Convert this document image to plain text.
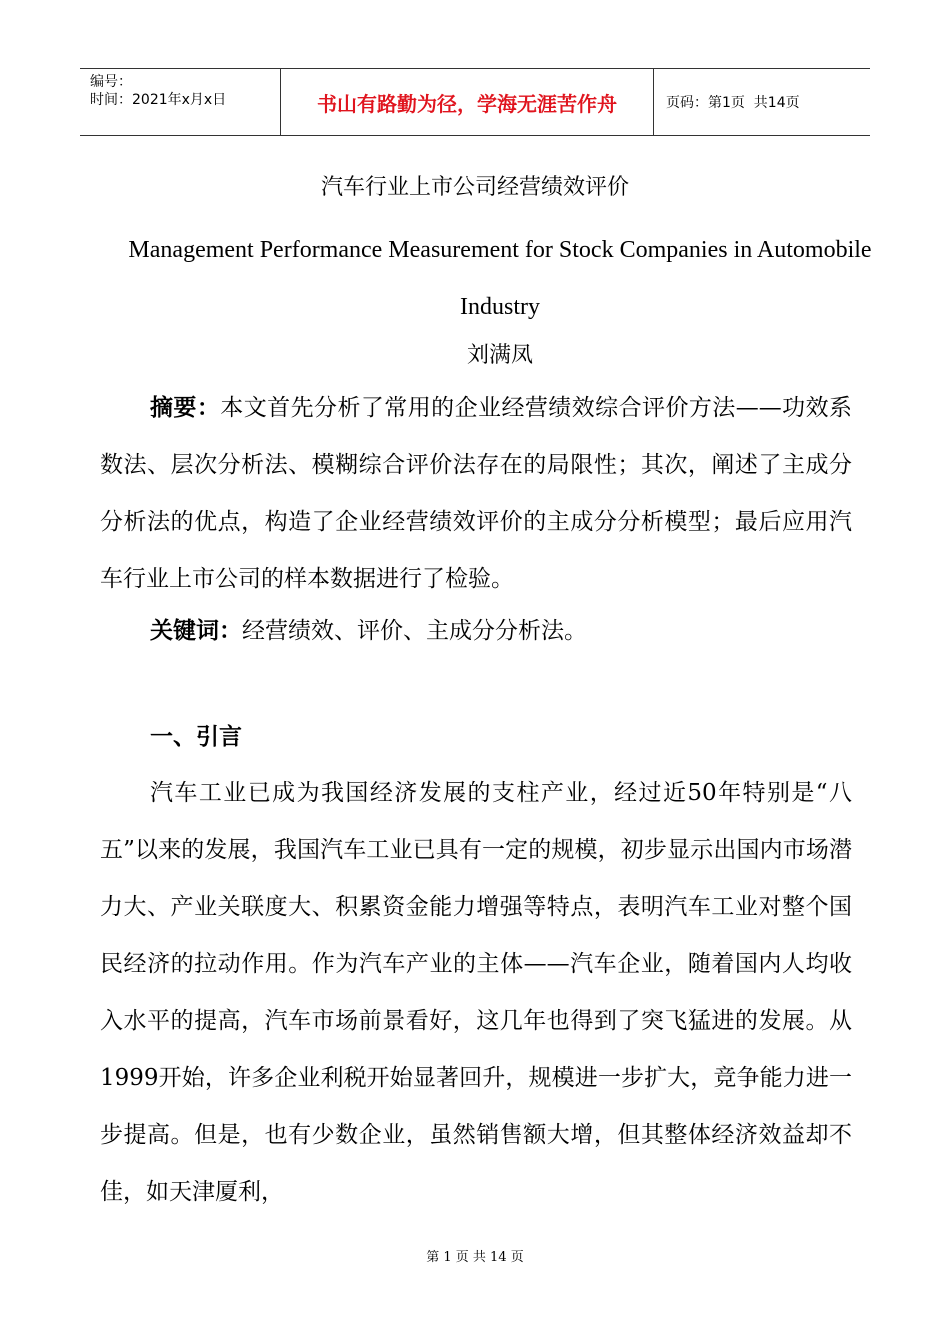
编号：
时间：2021年x月x日	书山有路勤为径，学海无涯苦作舟	页码：第1页  共14页
汽车行业上市公司经营绩效评价
Management Performance Measurement for Stock Companies in Automobile Industry
刘满凤
摘要：本文首先分析了常用的企业经营绩效综合评价方法——功效系数法、层次分析法、模糊综合评价法存在的局限性；其次，阐述了主成分分析法的优点，构造了企业经营绩效评价的主成分分析模型；最后应用汽车行业上市公司的样本数据进行了检验。
关键词：经营绩效、评价、主成分分析法。
一、引言
汽车工业已成为我国经济发展的支柱产业，经过近50年特别是“八五”以来的发展，我国汽车工业已具有一定的规模，初步显示出国内市场潜力大、产业关联度大、积累资金能力增强等特点，表明汽车工业对整个国民经济的拉动作用。作为汽车产业的主体——汽车企业，随着国内人均收入水平的提高，汽车市场前景看好，这几年也得到了突飞猛进的发展。从1999开始，许多企业利税开始显著回升，规模进一步扩大，竞争能力进一步提高。但是，也有少数企业，虽然销售额大增，但其整体经济效益却不佳，如天津厦利，
第 1 页 共 14 页
